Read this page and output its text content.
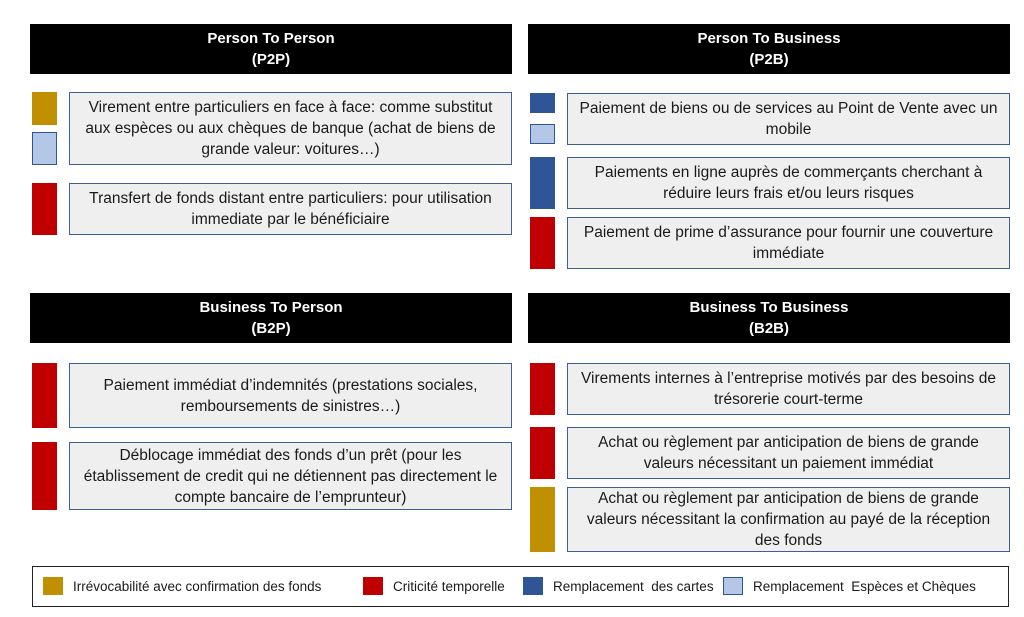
Person To Person
(P2P)
Person To Business
(P2B)
Business To Person
(B2P)
Business To Business
(B2B)
Virement entre particuliers en face à face: comme substitut aux espèces ou aux chèques de banque (achat de biens de grande valeur: voitures…)
Transfert de fonds distant entre particuliers: pour utilisation immediate par le bénéficiaire
Paiement de biens ou de services au Point de Vente avec un mobile
Paiements en ligne auprès de commerçants cherchant à réduire leurs frais et/ou leurs risques
Paiement de prime d’assurance pour fournir une couverture immédiate
Paiement immédiat d’indemnités (prestations sociales, remboursements de sinistres…)
Déblocage immédiat des fonds d’un prêt (pour les établissement de credit qui ne détiennent pas directement le compte bancaire de l’emprunteur)
Virements internes à l’entreprise motivés par des besoins de trésorerie court-terme
Achat ou règlement par anticipation de biens de grande valeurs nécessitant un paiement immédiat
Achat ou règlement par anticipation de biens de grande valeurs nécessitant la confirmation au payé de la réception des fonds
Irrévocabilité avec confirmation des fonds	Criticité temporelle	Remplacement  des cartes	Remplacement  Espèces et Chèques
